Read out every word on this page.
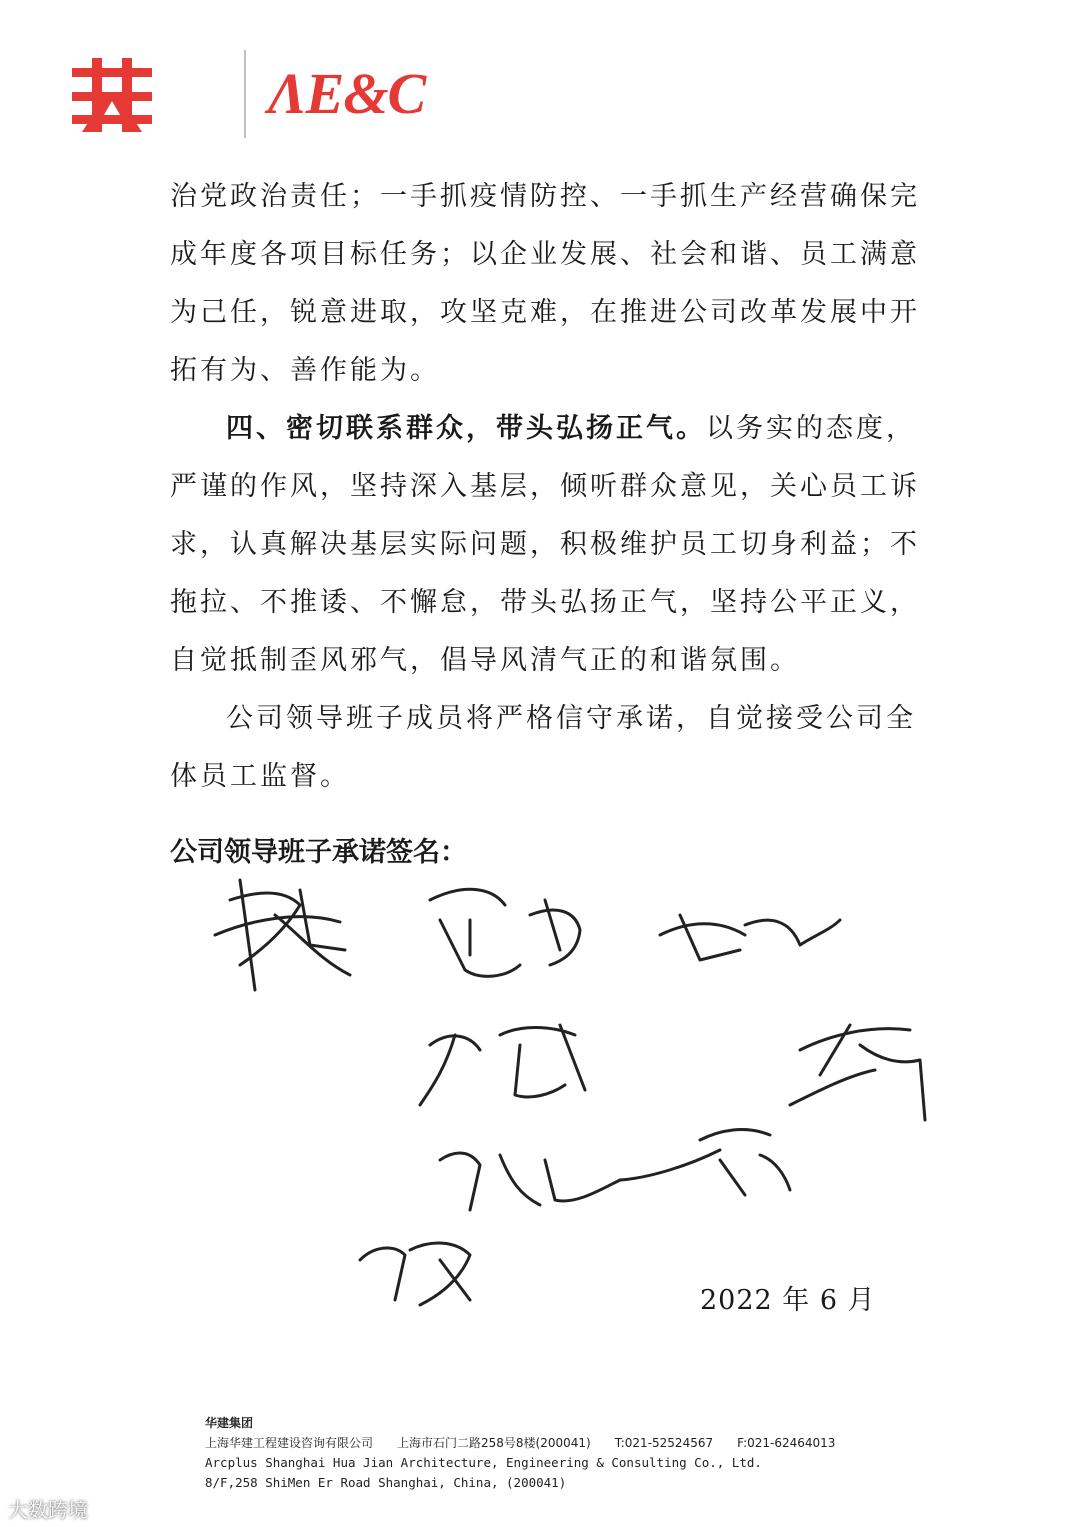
ΛE&C

治党政治责任；一手抓疫情防控、一手抓生产经营确保完成年度各项目标任务；以企业发展、社会和谐、员工满意为己任，锐意进取，攻坚克难，在推进公司改革发展中开拓有为、善作能为。

四、密切联系群众，带头弘扬正气。以务实的态度，严谨的作风，坚持深入基层，倾听群众意见，关心员工诉求，认真解决基层实际问题，积极维护员工切身利益；不拖拉、不推诿、不懈怠，带头弘扬正气，坚持公平正义，自觉抵制歪风邪气，倡导风清气正的和谐氛围。

公司领导班子成员将严格信守承诺，自觉接受公司全体员工监督。

公司领导班子承诺签名：
2022 年 6 月
华建集团
上海华建工程建设咨询有限公司 上海市石门二路258号8楼(200041) T:021-52524567 F:021-62464013
Arcplus Shanghai Hua Jian Architecture, Engineering & Consulting Co., Ltd.
8/F,258 ShiMen Er Road Shanghai, China, (200041)
大数跨境
